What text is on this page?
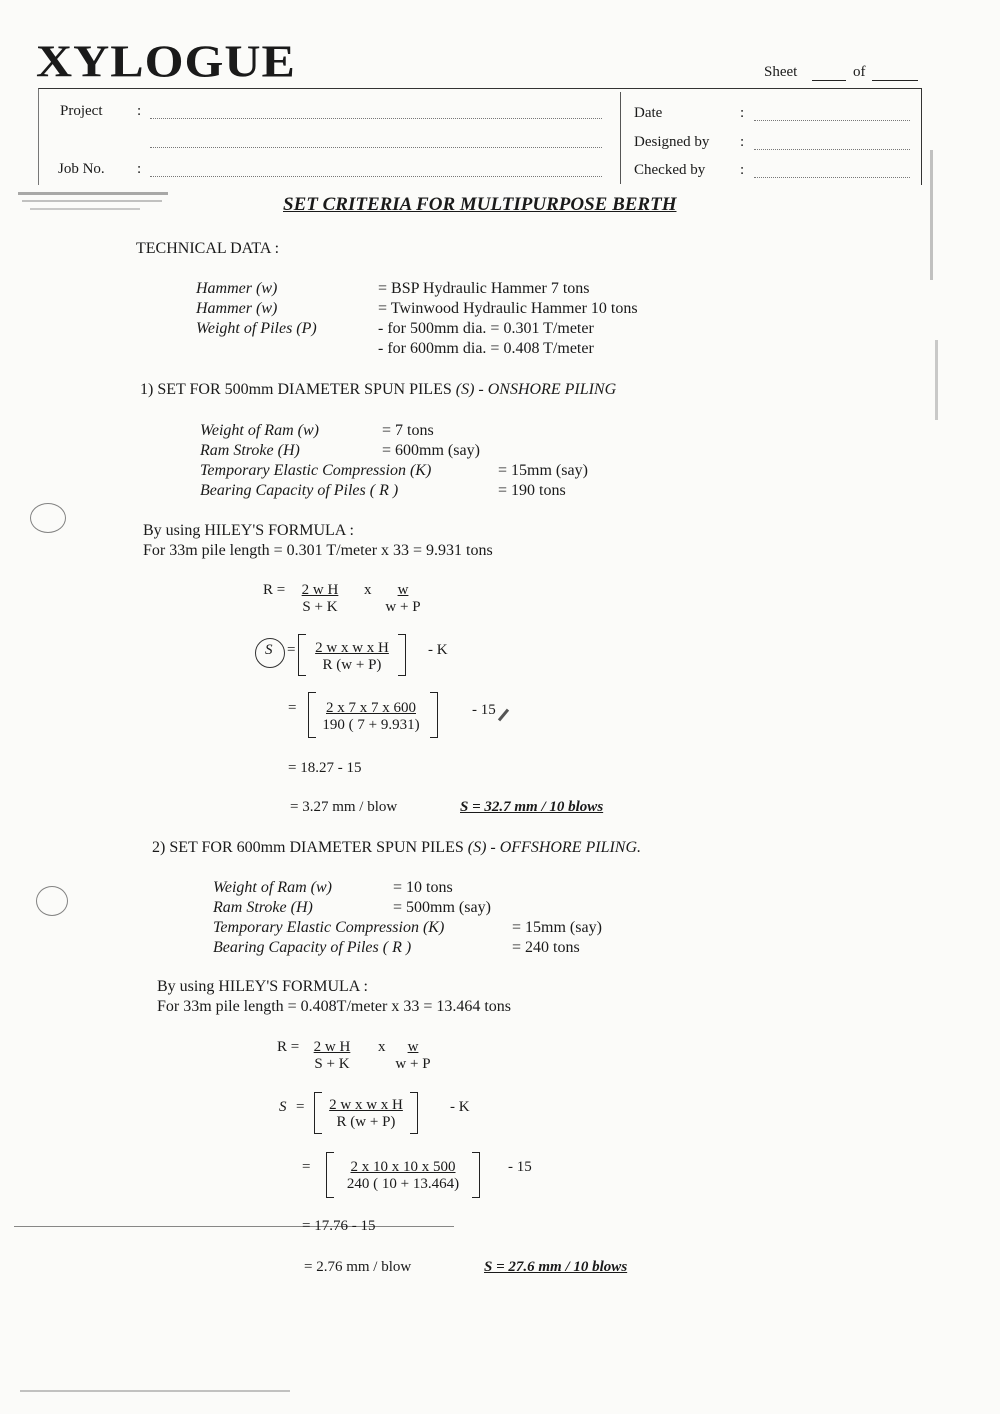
XYLOGUE	Sheet	of
Project :
Job No. :
Date	:
Designed by :
Checked by :
SET CRITERIA FOR MULTIPURPOSE BERTH
TECHNICAL DATA :
Hammer (w)	= BSP Hydraulic Hammer 7 tons
Hammer (w)	= Twinwood Hydraulic Hammer 10 tons
Weight of Piles (P)	- for 500mm dia. = 0.301 T/meter
- for 600mm dia. = 0.408 T/meter
1) SET FOR 500mm DIAMETER SPUN PILES (S) - ONSHORE PILING
Weight of Ram (w)	= 7 tons
Ram Stroke (H)	= 600mm (say)
Temporary Elastic Compression (K)	= 15mm (say)
Bearing Capacity of Piles ( R )	= 190 tons
By using HILEY'S FORMULA :
For 33m pile length = 0.301 T/meter x 33 = 9.931 tons
$R = \frac{\text{2 w H}}{S + K}$ x $\frac{w}{w + P}$
$S = \frac{\text{2 w x w x H}}{R (w + P)} - K$
= $\frac{2 x 7 x 7 x 600}{190 ( 7 + 9.931)}$	- 15
= 18.27 - 15
= 3.27 mm / blow	S = 32.7 mm / 10 blows
2) SET FOR 600mm DIAMETER SPUN PILES (S) - OFFSHORE PILING.
Weight of Ram (w)	= 10 tons
Ram Stroke (H)	= 500mm (say)
Temporary Elastic Compression (K)	= 15mm (say)
Bearing Capacity of Piles ( R )	= 240 tons
By using HILEY'S FORMULA :
For 33m pile length = 0.408T/meter x 33 = 13.464 tons
$R = \frac{\text{2 w H}}{S + K}$ x $\frac{w}{w + P}$
$S = \frac{\text{2 w x w x H}}{R (w + P)}$	- K
= $\frac{2 x 10 x 10 x 500}{240 ( 10 + 13.464)} - 15$
= 17.76 - 15
= 2.76 mm / blow	S = 27.6 mm / 10 blows
